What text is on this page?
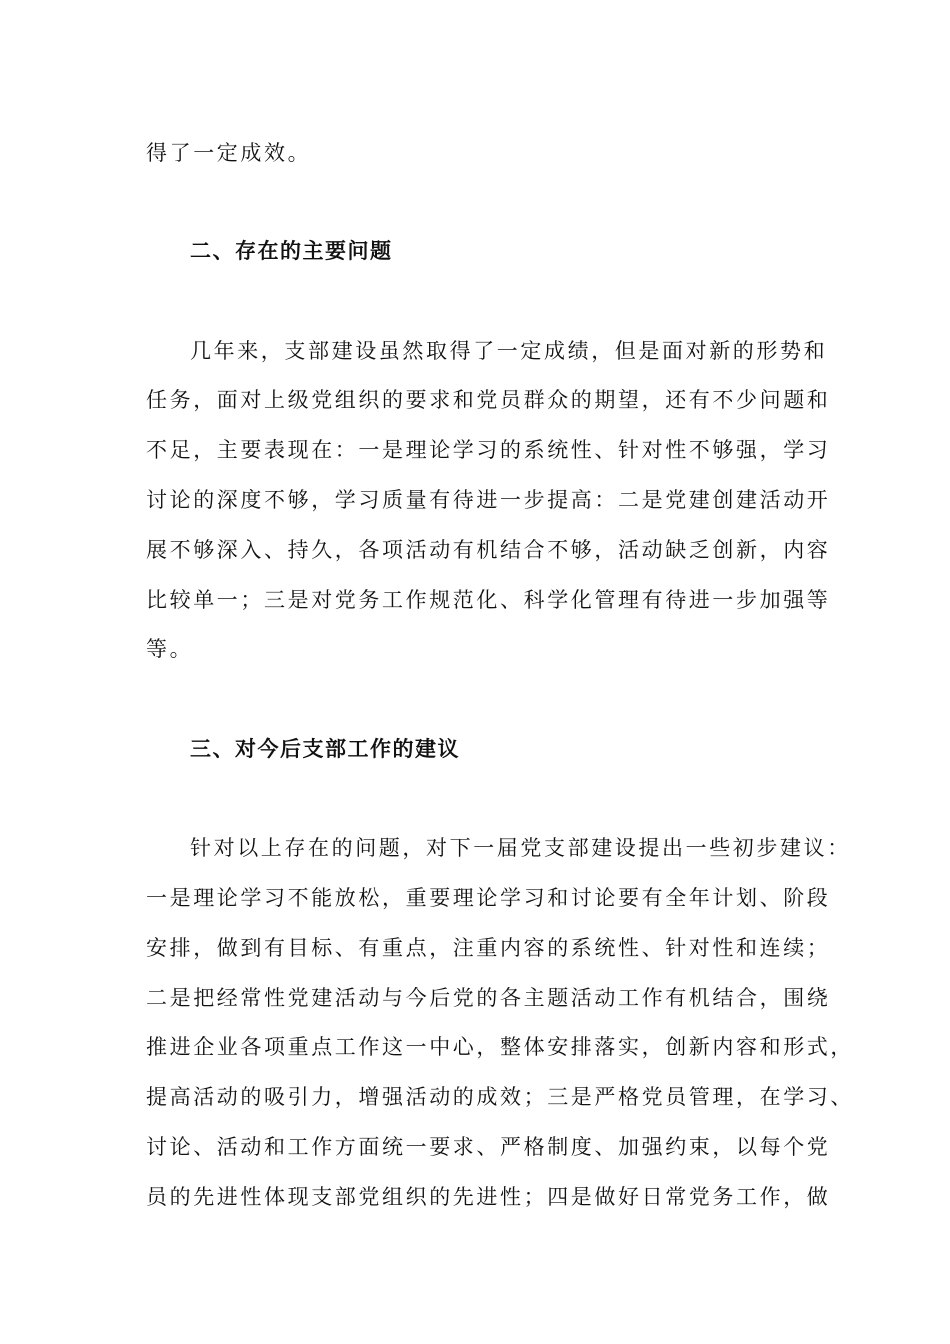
得了一定成效。
二、存在的主要问题
几年来，支部建设虽然取得了一定成绩，但是面对新的形势和
任务，面对上级党组织的要求和党员群众的期望，还有不少问题和
不足，主要表现在：一是理论学习的系统性、针对性不够强，学习
讨论的深度不够，学习质量有待进一步提高：二是党建创建活动开
展不够深入、持久，各项活动有机结合不够，活动缺乏创新，内容
比较单一；三是对党务工作规范化、科学化管理有待进一步加强等
等。
三、对今后支部工作的建议
针对以上存在的问题，对下一届党支部建设提出一些初步建议：
一是理论学习不能放松，重要理论学习和讨论要有全年计划、阶段
安排，做到有目标、有重点，注重内容的系统性、针对性和连续；
二是把经常性党建活动与今后党的各主题活动工作有机结合，围绕
推进企业各项重点工作这一中心，整体安排落实，创新内容和形式，
提高活动的吸引力，增强活动的成效；三是严格党员管理，在学习、
讨论、活动和工作方面统一要求、严格制度、加强约束，以每个党
员的先进性体现支部党组织的先进性；四是做好日常党务工作，做
